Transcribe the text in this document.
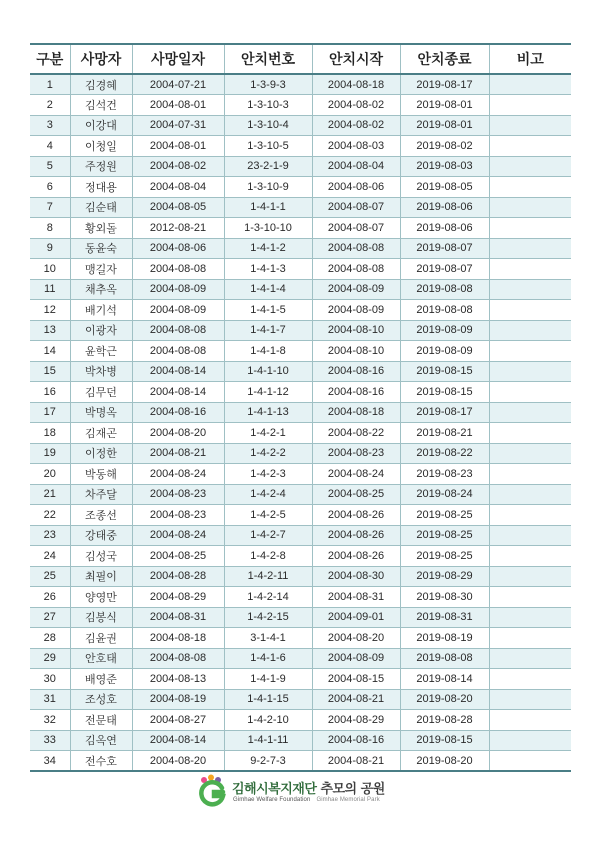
구분	사망자	사망일자	안치번호	안치시작	안치종료	비고
1	김경혜	2004-07-21	1-3-9-3	2004-08-18	2019-08-17	
2	김석건	2004-08-01	1-3-10-3	2004-08-02	2019-08-01	
3	이강대	2004-07-31	1-3-10-4	2004-08-02	2019-08-01	
4	이청일	2004-08-01	1-3-10-5	2004-08-03	2019-08-02	
5	주정원	2004-08-02	23-2-1-9	2004-08-04	2019-08-03	
6	정대용	2004-08-04	1-3-10-9	2004-08-06	2019-08-05	
7	김순태	2004-08-05	1-4-1-1	2004-08-07	2019-08-06	
8	황외돌	2012-08-21	1-3-10-10	2004-08-07	2019-08-06	
9	동윤숙	2004-08-06	1-4-1-2	2004-08-08	2019-08-07	
10	맹길자	2004-08-08	1-4-1-3	2004-08-08	2019-08-07	
11	채추옥	2004-08-09	1-4-1-4	2004-08-09	2019-08-08	
12	배기석	2004-08-09	1-4-1-5	2004-08-09	2019-08-08	
13	이광자	2004-08-08	1-4-1-7	2004-08-10	2019-08-09	
14	윤학근	2004-08-08	1-4-1-8	2004-08-10	2019-08-09	
15	박차병	2004-08-14	1-4-1-10	2004-08-16	2019-08-15	
16	김무던	2004-08-14	1-4-1-12	2004-08-16	2019-08-15	
17	박명옥	2004-08-16	1-4-1-13	2004-08-18	2019-08-17	
18	김재곤	2004-08-20	1-4-2-1	2004-08-22	2019-08-21	
19	이정한	2004-08-21	1-4-2-2	2004-08-23	2019-08-22	
20	박동해	2004-08-24	1-4-2-3	2004-08-24	2019-08-23	
21	차주달	2004-08-23	1-4-2-4	2004-08-25	2019-08-24	
22	조종선	2004-08-23	1-4-2-5	2004-08-26	2019-08-25	
23	강태중	2004-08-24	1-4-2-7	2004-08-26	2019-08-25	
24	김성국	2004-08-25	1-4-2-8	2004-08-26	2019-08-25	
25	최필이	2004-08-28	1-4-2-11	2004-08-30	2019-08-29	
26	양영만	2004-08-29	1-4-2-14	2004-08-31	2019-08-30	
27	김봉식	2004-08-31	1-4-2-15	2004-09-01	2019-08-31	
28	김윤권	2004-08-18	3-1-4-1	2004-08-20	2019-08-19	
29	안호태	2004-08-08	1-4-1-6	2004-08-09	2019-08-08	
30	배영준	2004-08-13	1-4-1-9	2004-08-15	2019-08-14	
31	조성호	2004-08-19	1-4-1-15	2004-08-21	2019-08-20	
32	전문태	2004-08-27	1-4-2-10	2004-08-29	2019-08-28	
33	김옥연	2004-08-14	1-4-1-11	2004-08-16	2019-08-15	
34	전수호	2004-08-20	9-2-7-3	2004-08-21	2019-08-20	
김해시복지재단 추모의 공원
Gimhae Welfare Foundation Gimhae Memorial Park
